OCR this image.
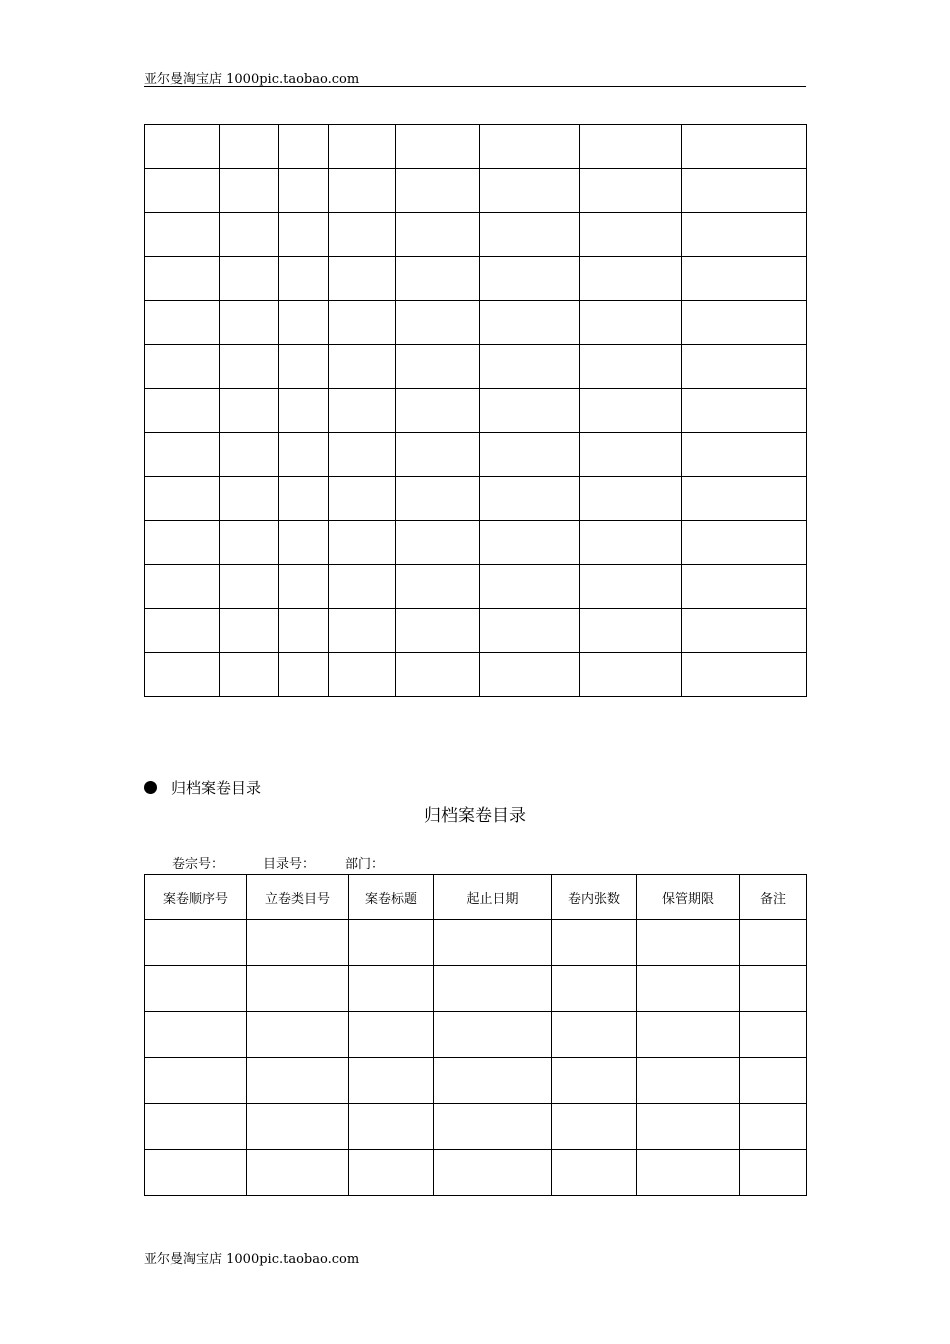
亚尔曼淘宝店 1000pic.taobao.com

归档案卷目录
归档案卷目录
卷宗号：	目录号： 部门：
案卷顺序号	立卷类目号	案卷标题	起止日期	卷内张数	保管期限	备注

亚尔曼淘宝店 1000pic.taobao.com
